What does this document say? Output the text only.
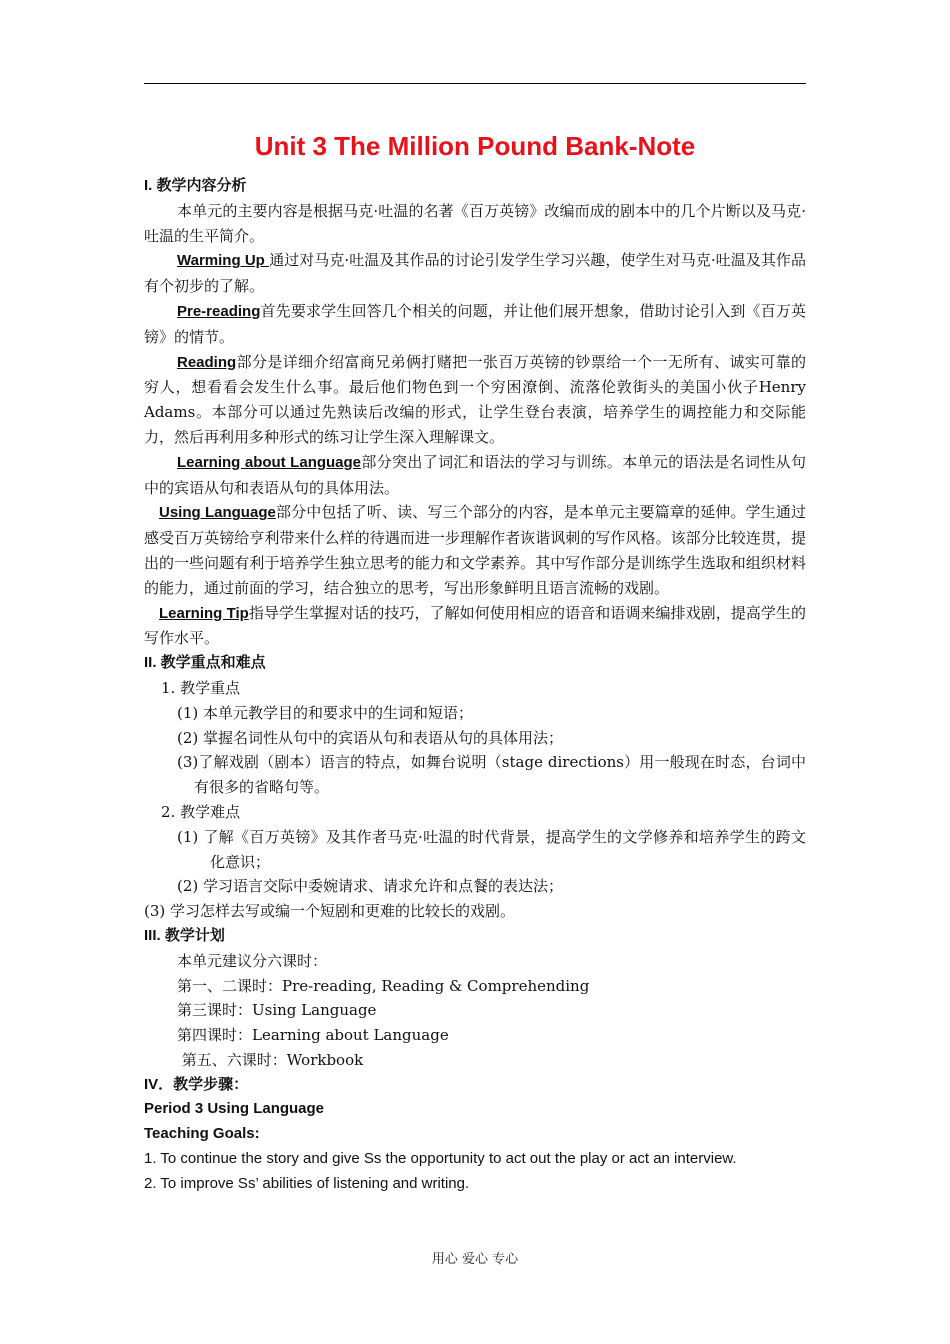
Unit 3 The Million Pound Bank-Note
I. 教学内容分析

本单元的主要内容是根据马克·吐温的名著《百万英镑》改编而成的剧本中的几个片断以及马克·吐温的生平简介。

Warming Up 通过对马克·吐温及其作品的讨论引发学生学习兴趣，使学生对马克·吐温及其作品有个初步的了解。

Pre-reading首先要求学生回答几个相关的问题，并让他们展开想象，借助讨论引入到《百万英镑》的情节。

Reading部分是详细介绍富商兄弟俩打赌把一张百万英镑的钞票给一个一无所有、诚实可靠的穷人，想看看会发生什么事。最后他们物色到一个穷困潦倒、流落伦敦街头的美国小伙子Henry Adams。本部分可以通过先熟读后改编的形式，让学生登台表演，培养学生的调控能力和交际能力，然后再利用多种形式的练习让学生深入理解课文。

Learning about Language部分突出了词汇和语法的学习与训练。本单元的语法是名词性从句中的宾语从句和表语从句的具体用法。

Using Language部分中包括了听、读、写三个部分的内容，是本单元主要篇章的延伸。学生通过感受百万英镑给亨利带来什么样的待遇而进一步理解作者诙谐讽刺的写作风格。该部分比较连贯，提出的一些问题有利于培养学生独立思考的能力和文学素养。其中写作部分是训练学生选取和组织材料的能力，通过前面的学习，结合独立的思考，写出形象鲜明且语言流畅的戏剧。

Learning Tip指导学生掌握对话的技巧，了解如何使用相应的语音和语调来编排戏剧，提高学生的写作水平。

II. 教学重点和难点
1. 教学重点
(1) 本单元教学目的和要求中的生词和短语；
(2) 掌握名词性从句中的宾语从句和表语从句的具体用法；
(3)了解戏剧（剧本）语言的特点，如舞台说明（stage directions）用一般现在时态，台词中有很多的省略句等。
2. 教学难点
(1) 了解《百万英镑》及其作者马克·吐温的时代背景，提高学生的文学修养和培养学生的跨文化意识；
(2) 学习语言交际中委婉请求、请求允许和点餐的表达法；
(3) 学习怎样去写或编一个短剧和更难的比较长的戏剧。
III. 教学计划
本单元建议分六课时：
第一、二课时：Pre-reading, Reading & Comprehending
第三课时：Using Language
第四课时：Learning about Language
第五、六课时：Workbook
IV．教学步骤：
Period 3 Using Language
Teaching Goals:
1. To continue the story and give Ss the opportunity to act out the play or act an interview.
2. To improve Ss’ abilities of listening and writing.
用心 爱心 专心
